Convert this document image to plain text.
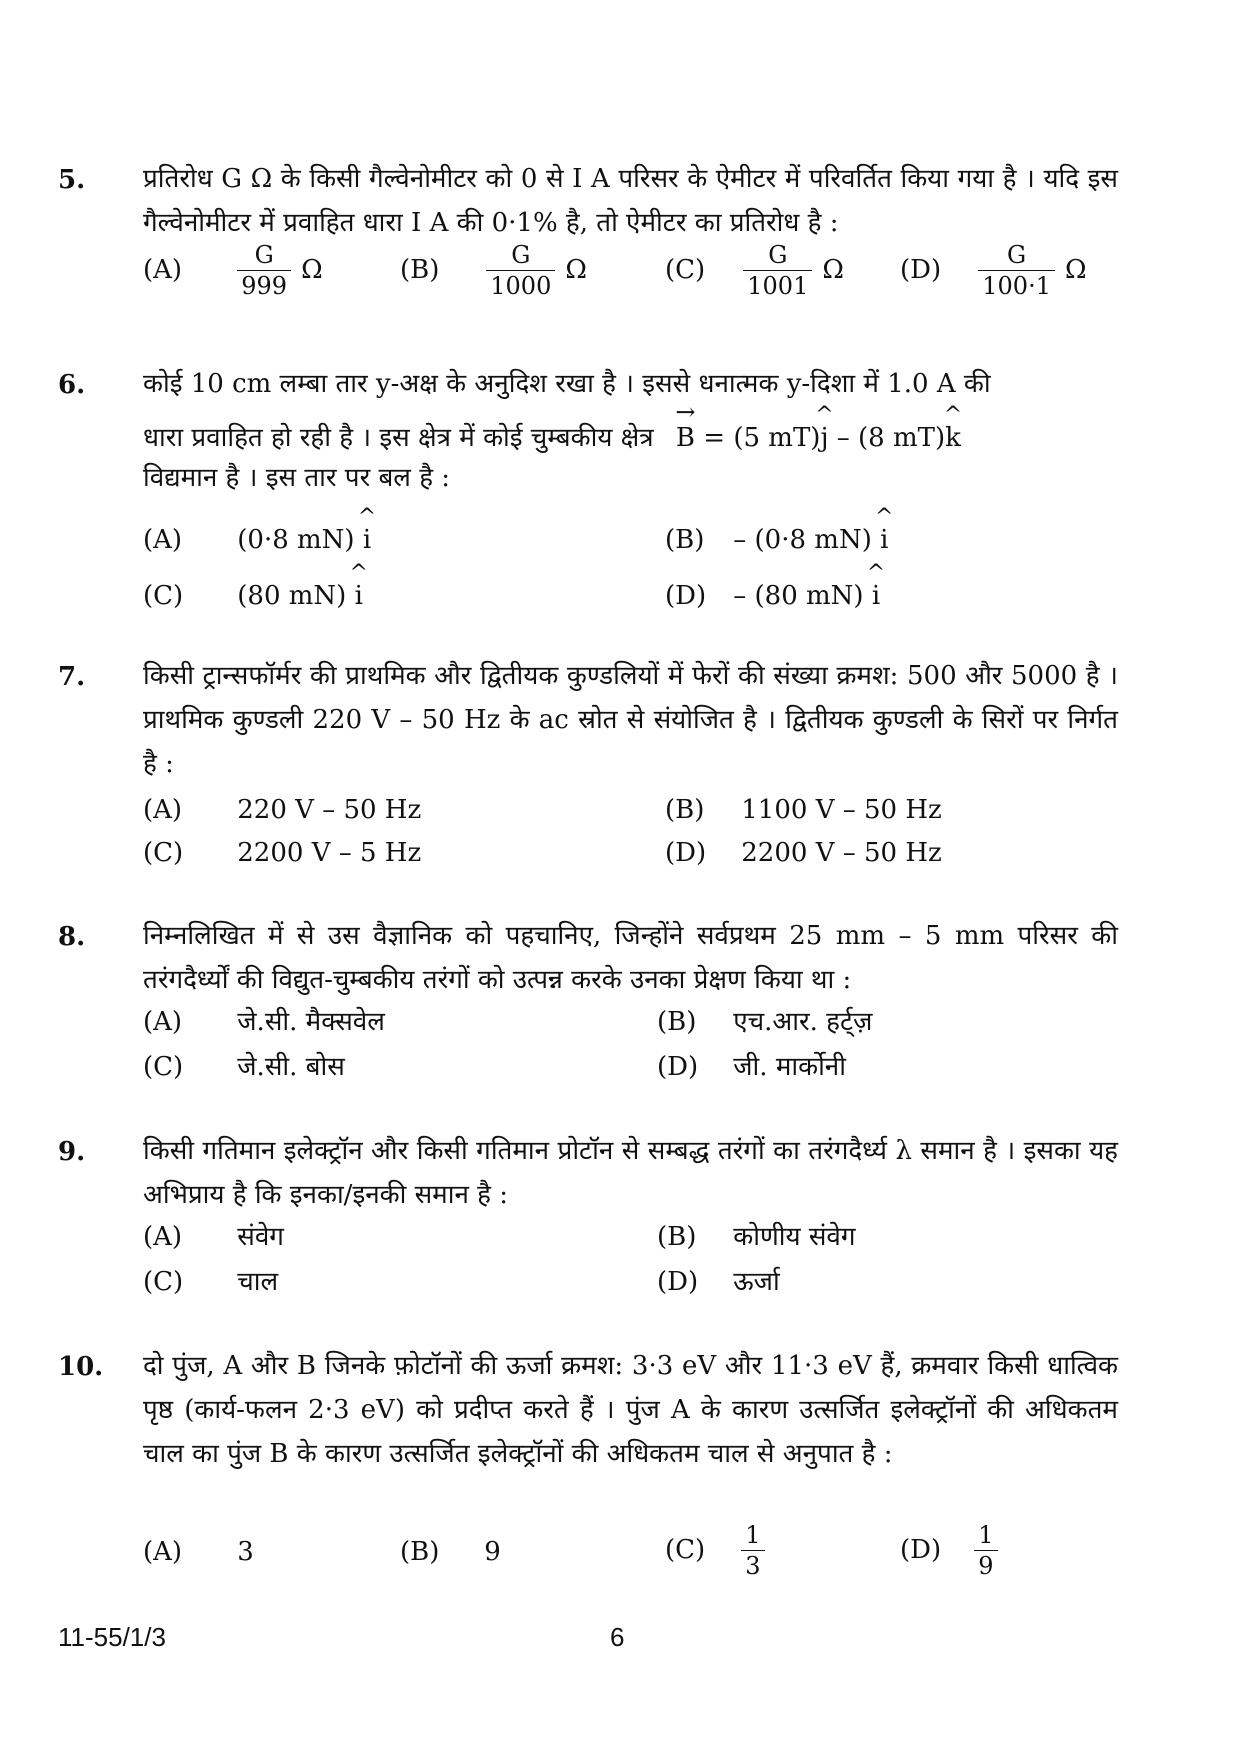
5. प्रतिरोध G Ω के किसी गैल्वेनोमीटर को 0 से I A परिसर के ऐमीटर में परिवर्तित किया गया है । यदि इस गैल्वेनोमीटर में प्रवाहित धारा I A की 0·1% है, तो ऐमीटर का प्रतिरोध है :
$(A) \frac{G}{999}$ Ω	$(B) \frac{G}{1000}$ Ω	$(C) \frac{G}{1001}$ Ω $(D) \frac{G}{100\cdot 1}$ Ω
6. कोई 10 cm लम्बा तार y-अक्ष के अनुदिश रखा है । इससे धनात्मक y-दिशा में 1.0 A की
धारा प्रवाहित हो रही है । इस क्षेत्र में कोई चुम्बकीय क्षेत्र → B = (5 mT)^ j – (8 mT)^ k
विद्यमान है । इस तार पर बल है :
(A) (0·8 mN) ^ i	(B) – (0·8 mN) ^ i
(C) (80 mN) ^ i	(D) – (80 mN) ^ i
7. किसी ट्रान्सफॉर्मर की प्राथमिक और द्वितीयक कुण्डलियों में फेरों की संख्या क्रमश: 500 और 5000 है । प्राथमिक कुण्डली 220 V – 50 Hz के ac स्रोत से संयोजित है । द्वितीयक कुण्डली के सिरों पर निर्गत है :
(A) 220 V – 50 Hz	(B) 1100 V – 50 Hz
(C) 2200 V – 5 Hz	(D) 2200 V – 50 Hz
8. निम्नलिखित में से उस वैज्ञानिक को पहचानिए, जिन्होंने सर्वप्रथम 25 mm – 5 mm परिसर की तरंगदैर्ध्यों की विद्युत-चुम्बकीय तरंगों को उत्पन्न करके उनका प्रेक्षण किया था :
(A) जे.सी. मैक्सवेल	(B) एच.आर. हर्ट्ज़
(C) जे.सी. बोस	(D) जी. मार्कोनी
9. किसी गतिमान इलेक्ट्रॉन और किसी गतिमान प्रोटॉन से सम्बद्ध तरंगों का तरंगदैर्ध्य λ समान है । इसका यह अभिप्राय है कि इनका/इनकी समान है :
(A) संवेग	(B) कोणीय संवेग
(C) चाल	(D) ऊर्जा
10. दो पुंज, A और B जिनके फ़ोटॉनों की ऊर्जा क्रमश: 3·3 eV और 11·3 eV हैं, क्रमवार किसी धात्विक पृष्ठ (कार्य-फलन 2·3 eV) को प्रदीप्त करते हैं । पुंज A के कारण उत्सर्जित इलेक्ट्रॉनों की अधिकतम चाल का पुंज B के कारण उत्सर्जित इलेक्ट्रॉनों की अधिकतम चाल से अनुपात है :
(A) 3	(B) 9	$(C) \frac{1}{3}$	$(D) \frac{1}{9}$
11-55/1/3	6
